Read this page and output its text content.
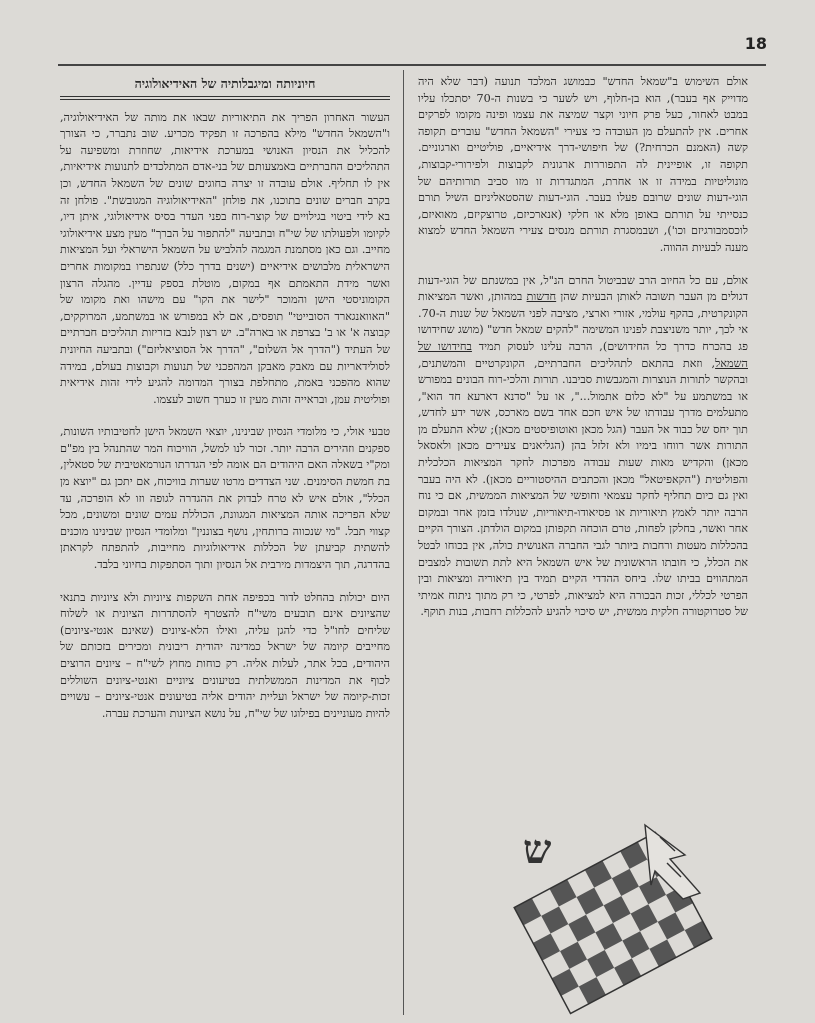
18

אולם השימוש ב"שמאל החדש" כבמושג המלכד תנועה (דבר שלא היה מדוייק אף בעבר), הוא בן-חלוף, ויש לשער כי בשנות ה-70 יסתכלו עליו במבט לאחור, כעל פרק חיוני וקצר שמיצה את עצמו ופינה מקומו לפרקים אחרים. אין להתעלם מן העובדה כי צעירי "השמאל החדש" עוברים תקופה קשה (האמנם הכרחית?) של חיפושי-דרך אידיאיים, פוליטיים וארגוניים. תקופה זו, אופיינית לה התפוררות ארגונית לקבוצות ולפירורי-קבוצות, מונוליטיות במידה זו או אחרת, המתגדרות זו מזו סביב תורותיהם של הוגי-דעות שונים שרובם פעלו בעבר. הוגי-דעות שהסטאליניזם השיל תורם כנסייתי על תורתם באופן מלא או חלקי (אנארכיזם, טרוצקיזם, מאואיזם, לוכסמבורגיזם וכו'), ושבמסגרת תורתם מנסים צעירי השמאל החדש למצוא מענה לבעיות ההווה.

אולם, עם כל החיוב הרב שבביטול החרם הנ"ל, אין במשנתם של הוגי-דעות דגולים מן העבר תשובה לאותן הבעיות שהן חדשות במהותן, ואשר המציאות הקונקרטית, בהקף עולמי, אזורי וארצי, מציבה לפני השמאל של שנות ה-70. אי לכך, יותר משניצבת לפנינו המשימה "להקים שמאל חדש" (מושג שחידושו פג בהכרח כדרך כל החידושים), הרבה עלינו לעסוק תמיד בחידושו של השמאל, וזאת בהתאם לתהליכים החברתיים, הקונקרטיים והמשתנים, ובהקשר לתורות הנוצרות והמגבשות סביבנו. תורות והלכי-רוח הבונים במפורש או במשתמע על "לא כלום אתמול...", או על "סדנא דארעא חד הוא", מתעלמים מדרך עבודתו של איש חכם אחד בשם מארכס, אשר ידע לחדש, תוך יחס של כבוד אל העבר (הגל מכאן ואוטופיסטים מכאן); שלא התעלם מן התורות אשר רווחו בימיו ולא זלזל בהן (הגליאנים צעירים מכאן ולאסאל מכאן) והקדיש מאות שעות עבודה מפרכות לחקר המציאות הכלכלית והפוליטית ("הקאפיטאל" מכאן והכתבים ההיסטוריים מכאן). לא היה בעבר ואין גם כיום תחליף לחקר עצמאי וחופשי של המציאות הממשית, אם כי נוח הרבה יותר לאמץ תיאוריות או פסיאודו-תיאוריות, שנולדו בזמן אחר ובמקום אחר ואשר, בחלקן לפחות, טרם הוכחה תקפותן במקום הולדתן. הצורך הקיים בהכללות מעטות ורחבות ביותר לגבי החברה האנושית כולה, אין בכוחו לבטל את הכלל, כי חובתו הראשונית של איש השמאל היא לתת תשובות למצבים המתהווים בביתו שלו. ביחס ההדדי הקיים תמיד בין תיאוריה ומציאות ובין הפרטי לכללי, זכות הבכורה היא למציאות, לפרטי, כי רק מתוך ניתוח אמיתי של סטרוקטורה חלקית ממשית, יש סיכוי להגיע להכללות רחבות, בנות תוקף.

חיוניותה ומיגבלותיה של האידיאולוגיה

העשור האחרון הפריך את התיאוריות שבאו את מותה של האידיאולוגיה, ו"השמאל החדש" מילא בהפרכה זו תפקיד מכריע. שוב נתברר, כי הצורך להכליל את הנסיון האנושי במערכת אידיאות, שחוזרת ומשפיעה על התהליכים החברתיים באמצעותם של בני-אדם המתלכדים לתנועות אידיאיות, אין לו תחליף. אולם עובדה זו יצרה בחוגים שונים של השמאל החדש, וכן בקרב חברים שונים בתוכנו, את פולחן "האידיאולוגיה המגובשת". פולחן זה בא לידי ביטוי בגילויים של קוצר-רוח בפני העדר בסיס אידיאולוגי, איתן דיו, לקיומו ולפעולתו של שי"ח ובתביעה "להתפור על הברך" מעין מצע אידיאולוגי מחייב. וגם כאן מסתמנת המגמה להלביש על השמאל הישראלי ועל המציאות הישראלית מלבושים אידיאיים (ישנים בדרך כלל) שנתפרו במקומות אחרים ואשר מידת התאמתם אף במקום, מוטלת בספק עדיין. מהגלה הרצון הקומוניסטי הישן והמוכר "לישר את הקו" עם מישהו ואת מקומו של "האוואנגארד הסובייטי" תופסים, אם לא במפורש או במשתמע, המרוקקים, קבוצה א' או ב' בצרפת או בארה"ב. יש רצון לנבא בזריזות תהליכים חברתיים של העתיד ("הדרך אל השלום", "הדרך אל הסוציאליזם") ובתביעה החיונית לסולידאריות עם מאבק מאבקן המהפכני של תנועות וקבוצות בעולם, במידה שהוא מהפכני באמת, מתחלפת בצורך המדומה להגיע לידי זהות אידיאית ופוליטית עמן, ובראייה זהות מעין זו כערך חשוב לעצמו.

טבעי אולי, כי מלומדי הנסיון שבינינו, יוצאי השמאל הישן לחטיבותיו השונות, ספקנים וזהירים הרבה יותר. זכור לנו למשל, הוויכוח המר שהתנהל בין מפ"ם ומק"י בשאלה האם היהודים הם אומה לפי הגדרתו הנורמאטיבית של סטאלין, בת חמשת הסימנים. שני הצדדים מרטו שערות בוויכוח, אם יתכן גם "יוצא מן הכלל", אולם איש לא טרח לבדוק את ההגדרה לגופה וזו לא הופרכה, עד שלא הפריכה אותה המציאות המגוונת, הכוללת עמים שונים ומשונים, מכל קצווי תבל. "מי שנכווה ברותחין, נושף בצוננין" ומלומדי הנסיון שבינינו מוכנים להשתית קביעתן של הכללות אידיאולוגיות מחייבות, להתפתח לקראתן בהדרגה, תוך היצמדות מירבית אל הנסיון ותוך הסתפקות בחיוני בלבד.

היום יכולות בהחלט לדור בכפיפה אחת השקפות ציוניות ולא ציוניות בתנאי שהציונים אינם תובעים משי"ח להצטרף להסתדרות הציונית או לשלוח שליחים לחו"ל כדי להגן עליה, ואילו הלא-ציונים (שאינם אנטי-ציונים) מחייבים קיומה של ישראל כמדינה יהודית ריבונית ומכירים בזכותם של היהודים, בכל אתר, לעלות אליה. רק כוחות מחוץ לשי"ח – ציונים הרוצים לכוף את המדינות הממשלתית בטיעונים ציוניים ואנטי-ציונים השוללים זכות-קיומה של ישראל ועליית יהודים אליה בטיעונים אנטי-ציונים – עשויים להיות מעוניינים בפילוגו של שי"ח, על נושא הציונות והערכת עברה.

ש
